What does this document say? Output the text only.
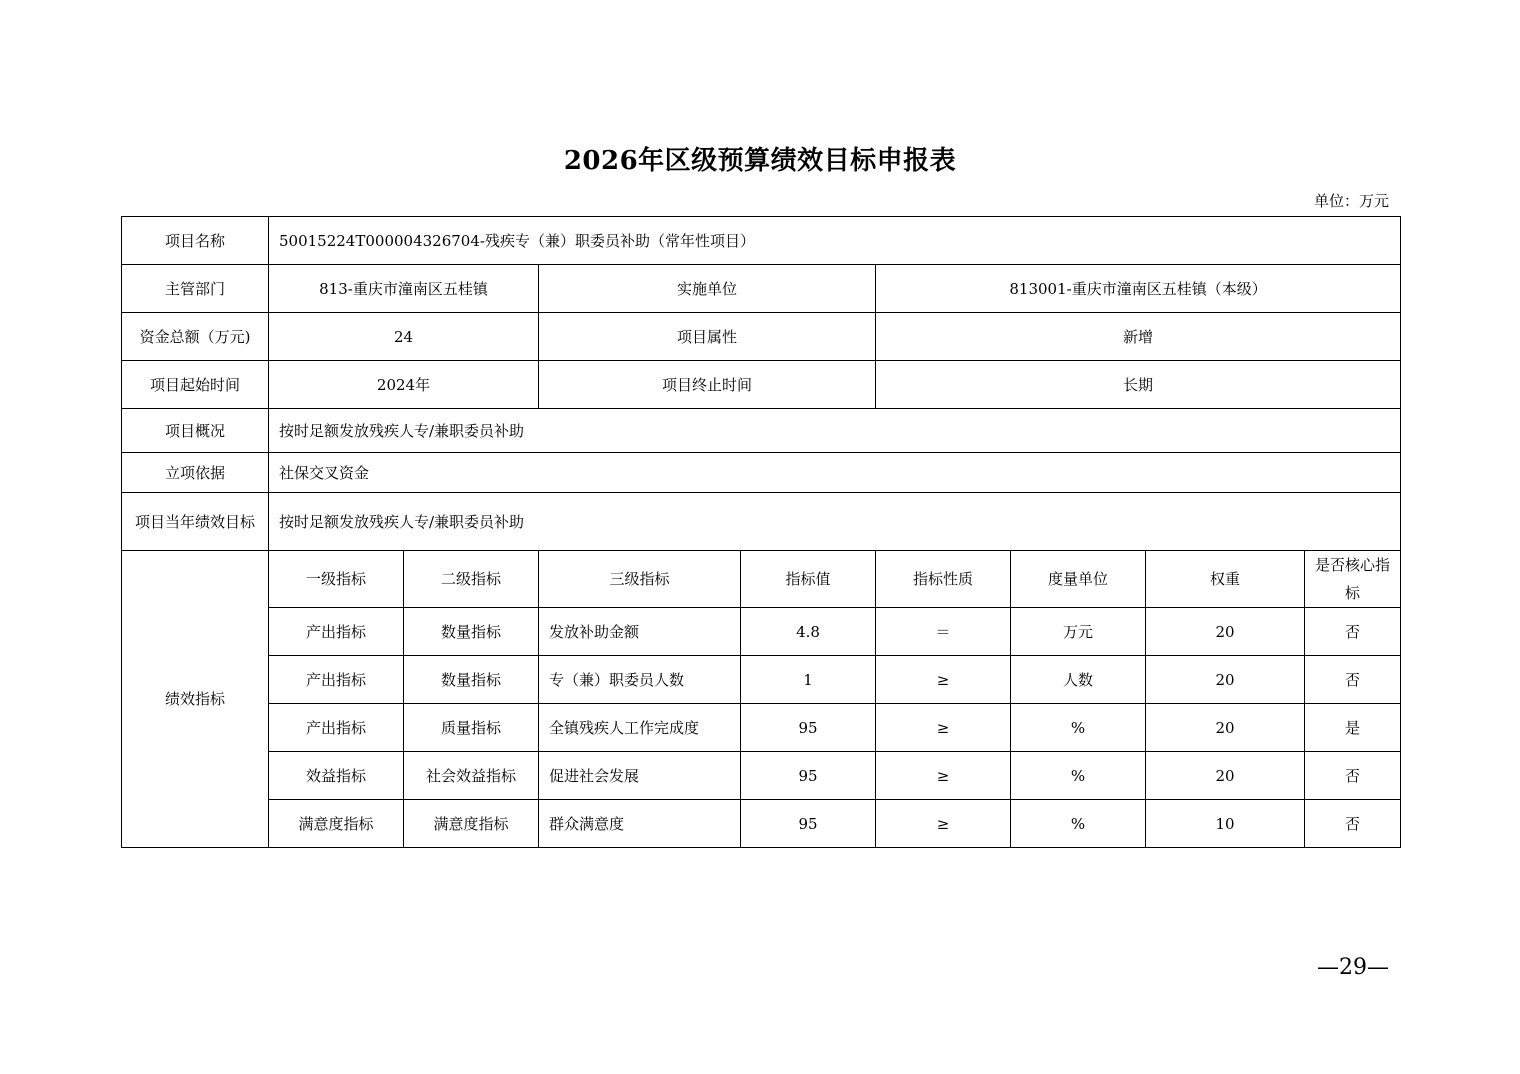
2026年区级预算绩效目标申报表
单位：万元
项目名称	50015224T000004326704-残疾专（兼）职委员补助（常年性项目）							
主管部门	813-重庆市潼南区五桂镇		实施单位		813001-重庆市潼南区五桂镇（本级）			
资金总额（万元)	24		项目属性		新增			
项目起始时间	2024年		项目终止时间		长期			
项目概况	按时足额发放残疾人专/兼职委员补助							
立项依据	社保交叉资金							
项目当年绩效目标	按时足额发放残疾人专/兼职委员补助							
绩效指标	一级指标	二级指标	三级指标	指标值	指标性质	度量单位	权重	是否核心指标
	产出指标	数量指标	发放补助金额	4.8	＝	万元	20	否
	产出指标	数量指标	专（兼）职委员人数	1	≥	人数	20	否
	产出指标	质量指标	全镇残疾人工作完成度	95	≥	%	20	是
	效益指标	社会效益指标	促进社会发展	95	≥	%	20	否
	满意度指标	满意度指标	群众满意度	95	≥	%	10	否
—29—
